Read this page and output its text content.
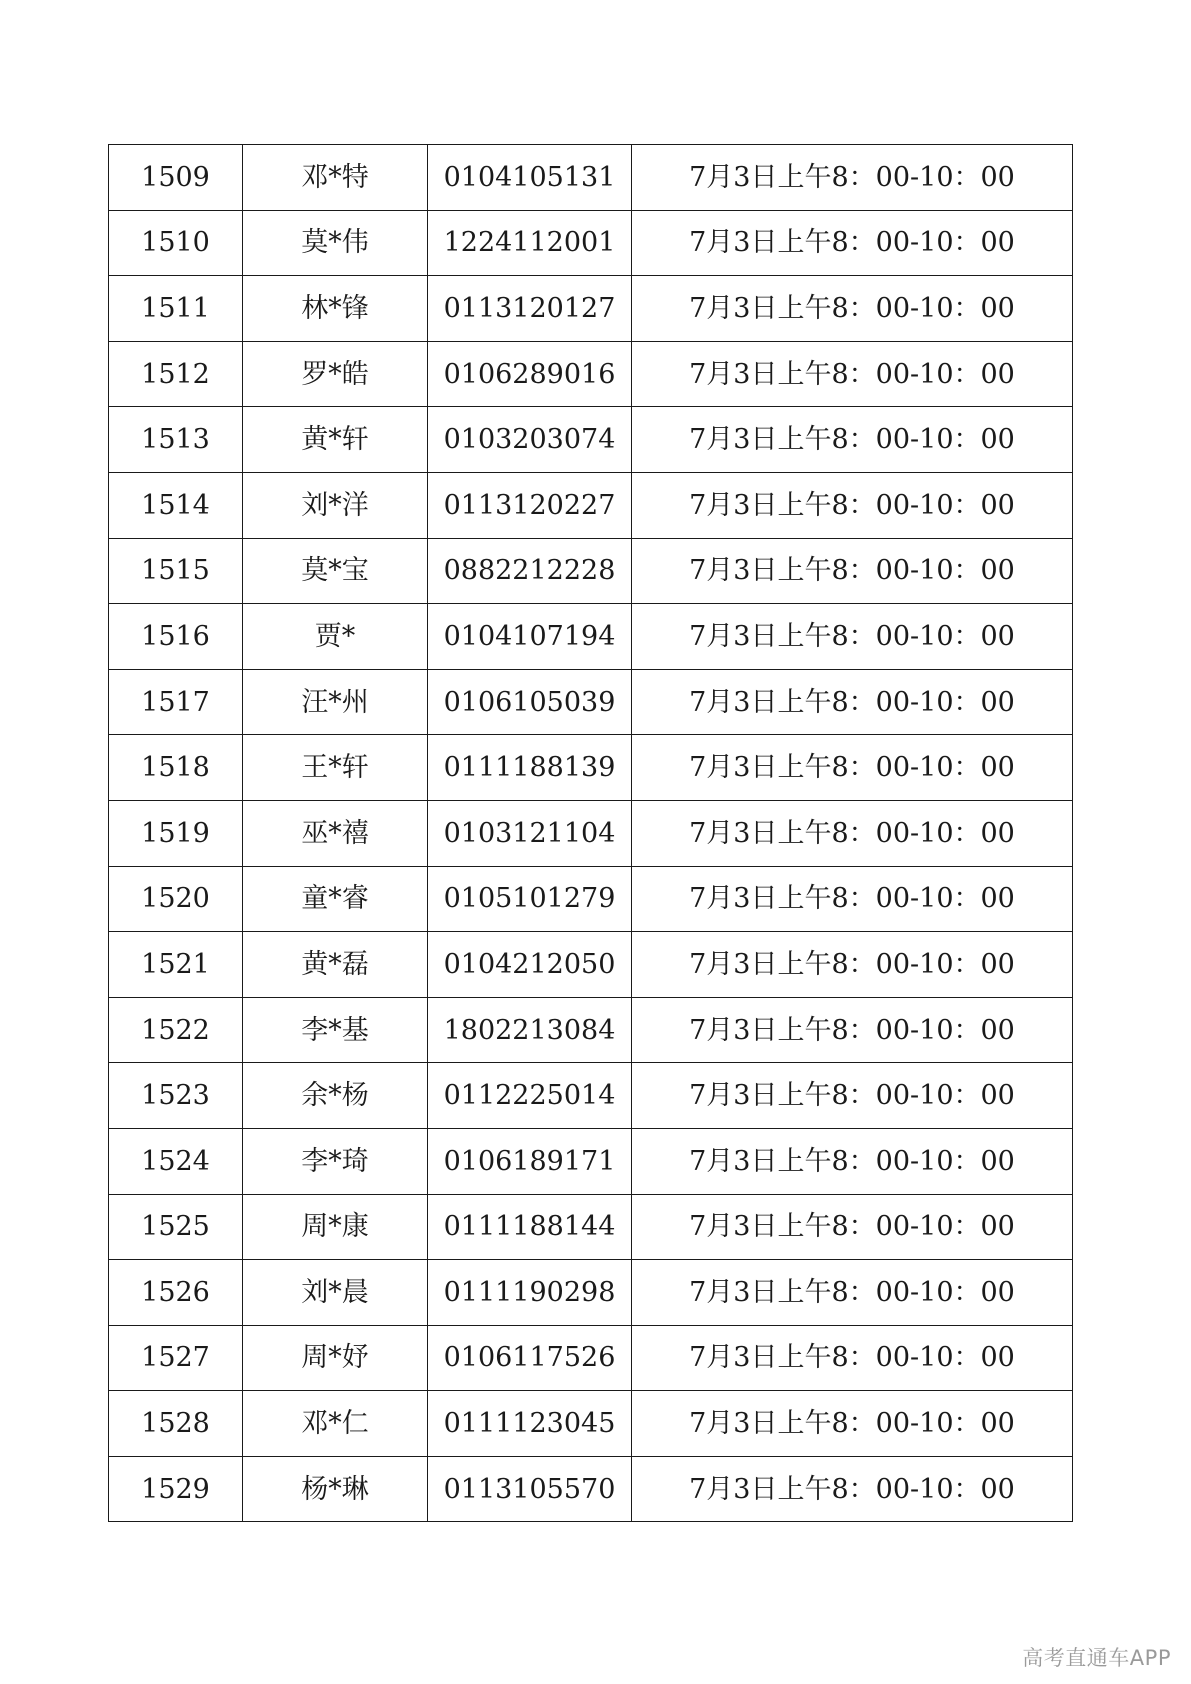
1509	邓*特	0104105131	7月3日上午8：00-10：00
1510	莫*伟	1224112001	7月3日上午8：00-10：00
1511	林*锋	0113120127	7月3日上午8：00-10：00
1512	罗*皓	0106289016	7月3日上午8：00-10：00
1513	黄*轩	0103203074	7月3日上午8：00-10：00
1514	刘*洋	0113120227	7月3日上午8：00-10：00
1515	莫*宝	0882212228	7月3日上午8：00-10：00
1516	贾*	0104107194	7月3日上午8：00-10：00
1517	汪*州	0106105039	7月3日上午8：00-10：00
1518	王*轩	0111188139	7月3日上午8：00-10：00
1519	巫*禧	0103121104	7月3日上午8：00-10：00
1520	童*睿	0105101279	7月3日上午8：00-10：00
1521	黄*磊	0104212050	7月3日上午8：00-10：00
1522	李*基	1802213084	7月3日上午8：00-10：00
1523	余*杨	0112225014	7月3日上午8：00-10：00
1524	李*琦	0106189171	7月3日上午8：00-10：00
1525	周*康	0111188144	7月3日上午8：00-10：00
1526	刘*晨	0111190298	7月3日上午8：00-10：00
1527	周*妤	0106117526	7月3日上午8：00-10：00
1528	邓*仁	0111123045	7月3日上午8：00-10：00
1529	杨*琳	0113105570	7月3日上午8：00-10：00
高考直通车APP
